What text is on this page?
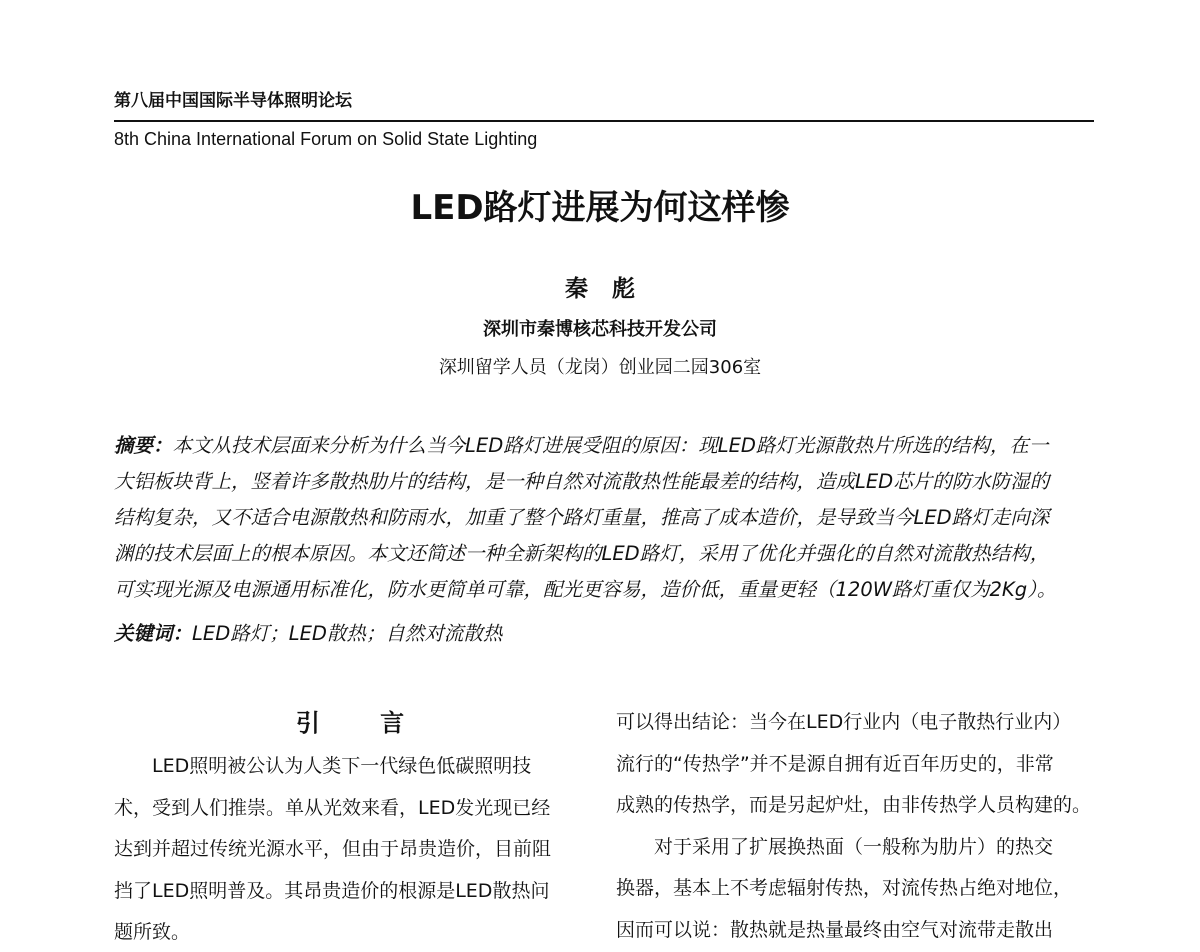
第八届中国国际半导体照明论坛
8th China International Forum on Solid State Lighting
LED路灯进展为何这样惨
秦 彪
深圳市秦博核芯科技开发公司
深圳留学人员（龙岗）创业园二园306室
摘要：本文从技术层面来分析为什么当今LED路灯进展受阻的原因：现LED路灯光源散热片所选的结构，在一
大铝板块背上，竖着许多散热肋片的结构，是一种自然对流散热性能最差的结构，造成LED芯片的防水防湿的
结构复杂，又不适合电源散热和防雨水，加重了整个路灯重量，推高了成本造价，是导致当今LED路灯走向深
渊的技术层面上的根本原因。本文还简述一种全新架构的LED路灯，采用了优化并强化的自然对流散热结构，
可实现光源及电源通用标准化，防水更简单可靠，配光更容易，造价低，重量更轻（120W路灯重仅为2Kg）。
关键词：LED路灯；LED散热；自然对流散热
引 言
LED照明被公认为人类下一代绿色低碳照明技
术，受到人们推崇。单从光效来看，LED发光现已经
达到并超过传统光源水平，但由于昂贵造价，目前阻
挡了LED照明普及。其昂贵造价的根源是LED散热问
题所致。
可以得出结论：当今在LED行业内（电子散热行业内）
流行的“传热学”并不是源自拥有近百年历史的，非常
成熟的传热学，而是另起炉灶，由非传热学人员构建的。
对于采用了扩展换热面（一般称为肋片）的热交
换器，基本上不考虑辐射传热，对流传热占绝对地位，
因而可以说：散热就是热量最终由空气对流带走散出
